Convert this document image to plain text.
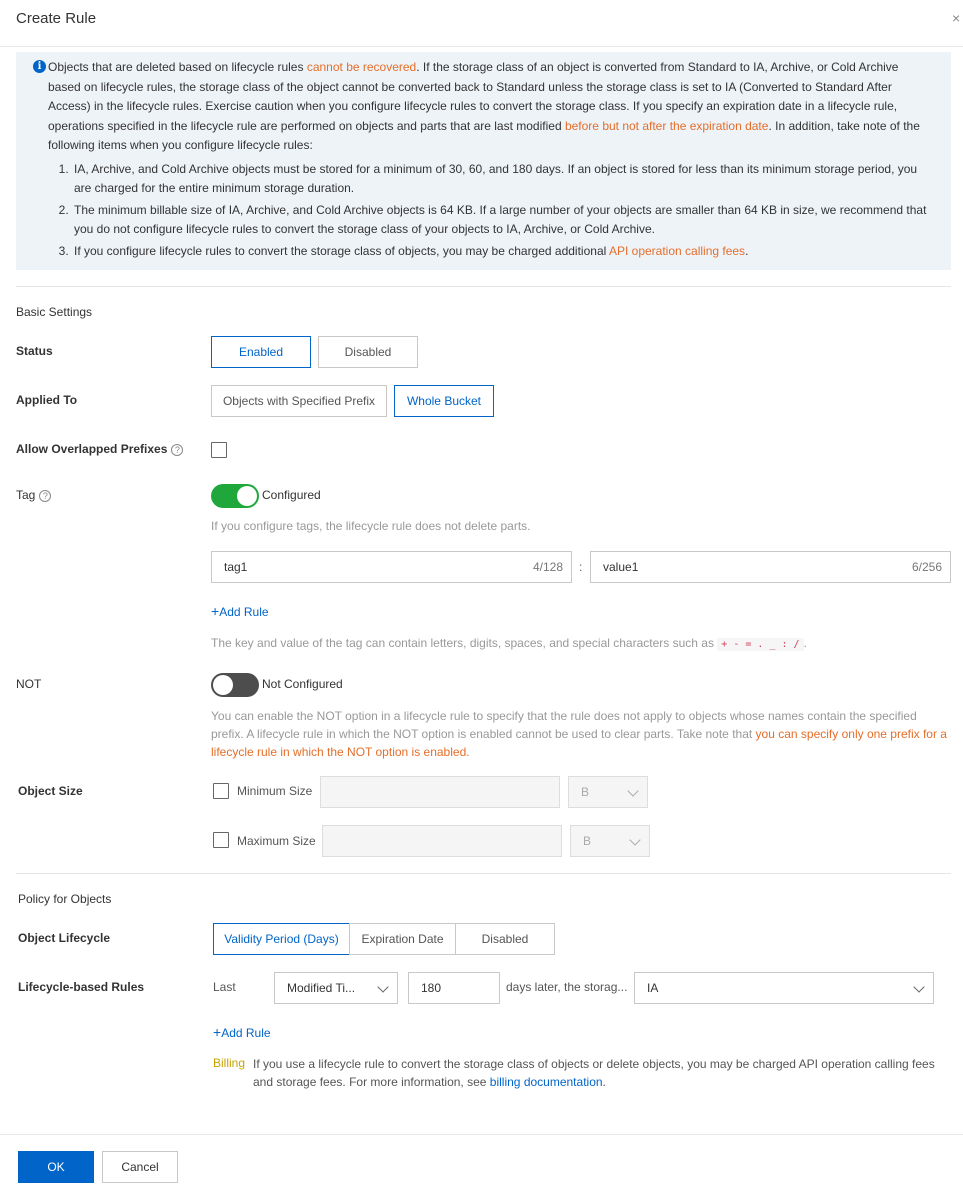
Create Rule	×
i Objects that are deleted based on lifecycle rules cannot be recovered. If the storage class of an object is converted from Standard to IA, Archive, or Cold Archive based on lifecycle rules, the storage class of the object cannot be converted back to Standard unless the storage class is set to IA (Converted to Standard After Access) in the lifecycle rules. Exercise caution when you configure lifecycle rules to convert the storage class. If you specify an expiration date in a lifecycle rule, operations specified in the lifecycle rule are performed on objects and parts that are last modified before but not after the expiration date. In addition, take note of the following items when you configure lifecycle rules:

1. IA, Archive, and Cold Archive objects must be stored for a minimum of 30, 60, and 180 days. If an object is stored for less than its minimum storage period, you are charged for the entire minimum storage duration.
2. The minimum billable size of IA, Archive, and Cold Archive objects is 64 KB. If a large number of your objects are smaller than 64 KB in size, we recommend that you do not configure lifecycle rules to convert the storage class of your objects to IA, Archive, or Cold Archive.
3. If you configure lifecycle rules to convert the storage class of objects, you may be charged additional API operation calling fees.
Basic Settings
Status	Enabled	Disabled
Applied To	Objects with Specified Prefix	Whole Bucket
Allow Overlapped Prefixes ?
Tag ?	Configured
If you configure tags, the lifecycle rule does not delete parts.
tag1	4/128 :	value1	6/256
+Add Rule
The key and value of the tag can contain letters, digits, spaces, and special characters such as + - = . _ : / .
NOT	Not Configured
You can enable the NOT option in a lifecycle rule to specify that the rule does not apply to objects whose names contain the specified prefix. A lifecycle rule in which the NOT option is enabled cannot be used to clear parts. Take note that you can specify only one prefix for a lifecycle rule in which the NOT option is enabled.
Object Size	Minimum Size	B
Maximum Size	B
Policy for Objects
Object Lifecycle	Validity Period (Days)	Expiration Date	Disabled
Lifecycle-based Rules	Last	Modified Ti...	180	days later, the storag...	IA
+Add Rule
Billing If you use a lifecycle rule to convert the storage class of objects or delete objects, you may be charged API operation calling fees and storage fees. For more information, see billing documentation.
OK	Cancel
